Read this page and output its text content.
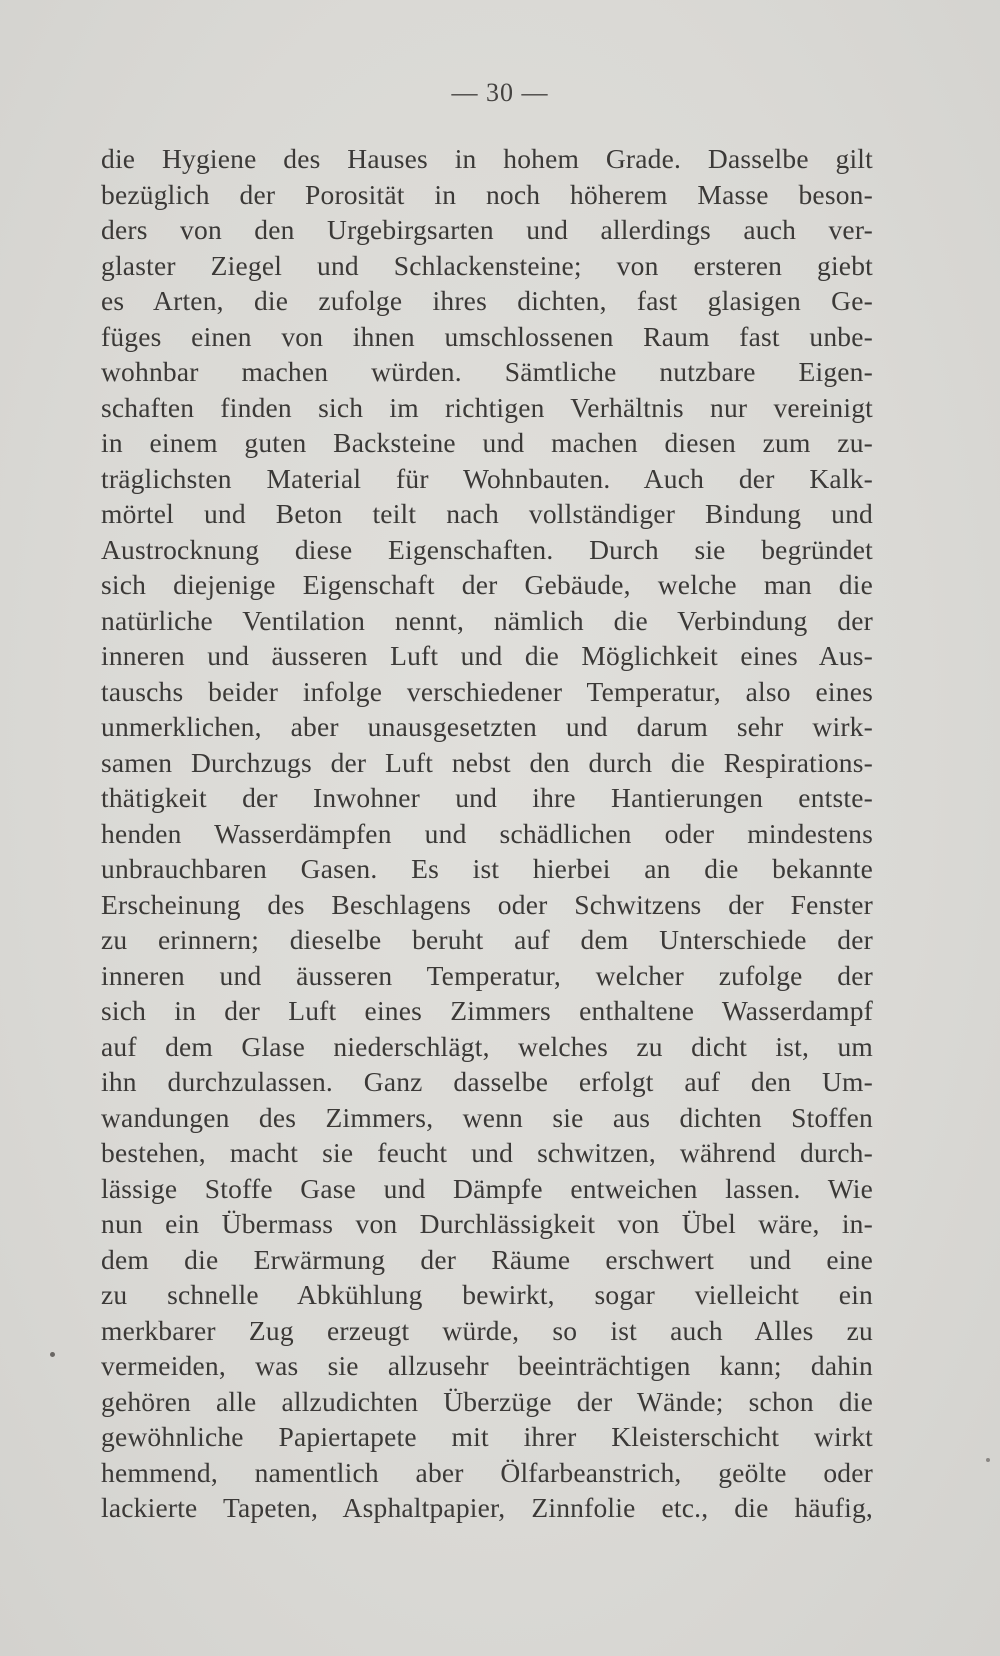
— 30 —
die Hygiene des Hauses in hohem Grade. Dasselbe gilt
bezüglich der Porosität in noch höherem Masse beson-
ders von den Urgebirgsarten und allerdings auch ver-
glaster Ziegel und Schlackensteine; von ersteren giebt
es Arten, die zufolge ihres dichten, fast glasigen Ge-
füges einen von ihnen umschlossenen Raum fast unbe-
wohnbar machen würden. Sämtliche nutzbare Eigen-
schaften finden sich im richtigen Verhältnis nur vereinigt
in einem guten Backsteine und machen diesen zum zu-
träglichsten Material für Wohnbauten. Auch der Kalk-
mörtel und Beton teilt nach vollständiger Bindung und
Austrocknung diese Eigenschaften. Durch sie begründet
sich diejenige Eigenschaft der Gebäude, welche man die
natürliche Ventilation nennt, nämlich die Verbindung der
inneren und äusseren Luft und die Möglichkeit eines Aus-
tauschs beider infolge verschiedener Temperatur, also eines
unmerklichen, aber unausgesetzten und darum sehr wirk-
samen Durchzugs der Luft nebst den durch die Respirations-
thätigkeit der Inwohner und ihre Hantierungen entste-
henden Wasserdämpfen und schädlichen oder mindestens
unbrauchbaren Gasen. Es ist hierbei an die bekannte
Erscheinung des Beschlagens oder Schwitzens der Fenster
zu erinnern; dieselbe beruht auf dem Unterschiede der
inneren und äusseren Temperatur, welcher zufolge der
sich in der Luft eines Zimmers enthaltene Wasserdampf
auf dem Glase niederschlägt, welches zu dicht ist, um
ihn durchzulassen. Ganz dasselbe erfolgt auf den Um-
wandungen des Zimmers, wenn sie aus dichten Stoffen
bestehen, macht sie feucht und schwitzen, während durch-
lässige Stoffe Gase und Dämpfe entweichen lassen. Wie
nun ein Übermass von Durchlässigkeit von Übel wäre, in-
dem die Erwärmung der Räume erschwert und eine
zu schnelle Abkühlung bewirkt, sogar vielleicht ein
merkbarer Zug erzeugt würde, so ist auch Alles zu
vermeiden, was sie allzusehr beeinträchtigen kann; dahin
gehören alle allzudichten Überzüge der Wände; schon die
gewöhnliche Papiertapete mit ihrer Kleisterschicht wirkt
hemmend, namentlich aber Ölfarbeanstrich, geölte oder
lackierte Tapeten, Asphaltpapier, Zinnfolie etc., die häufig,
